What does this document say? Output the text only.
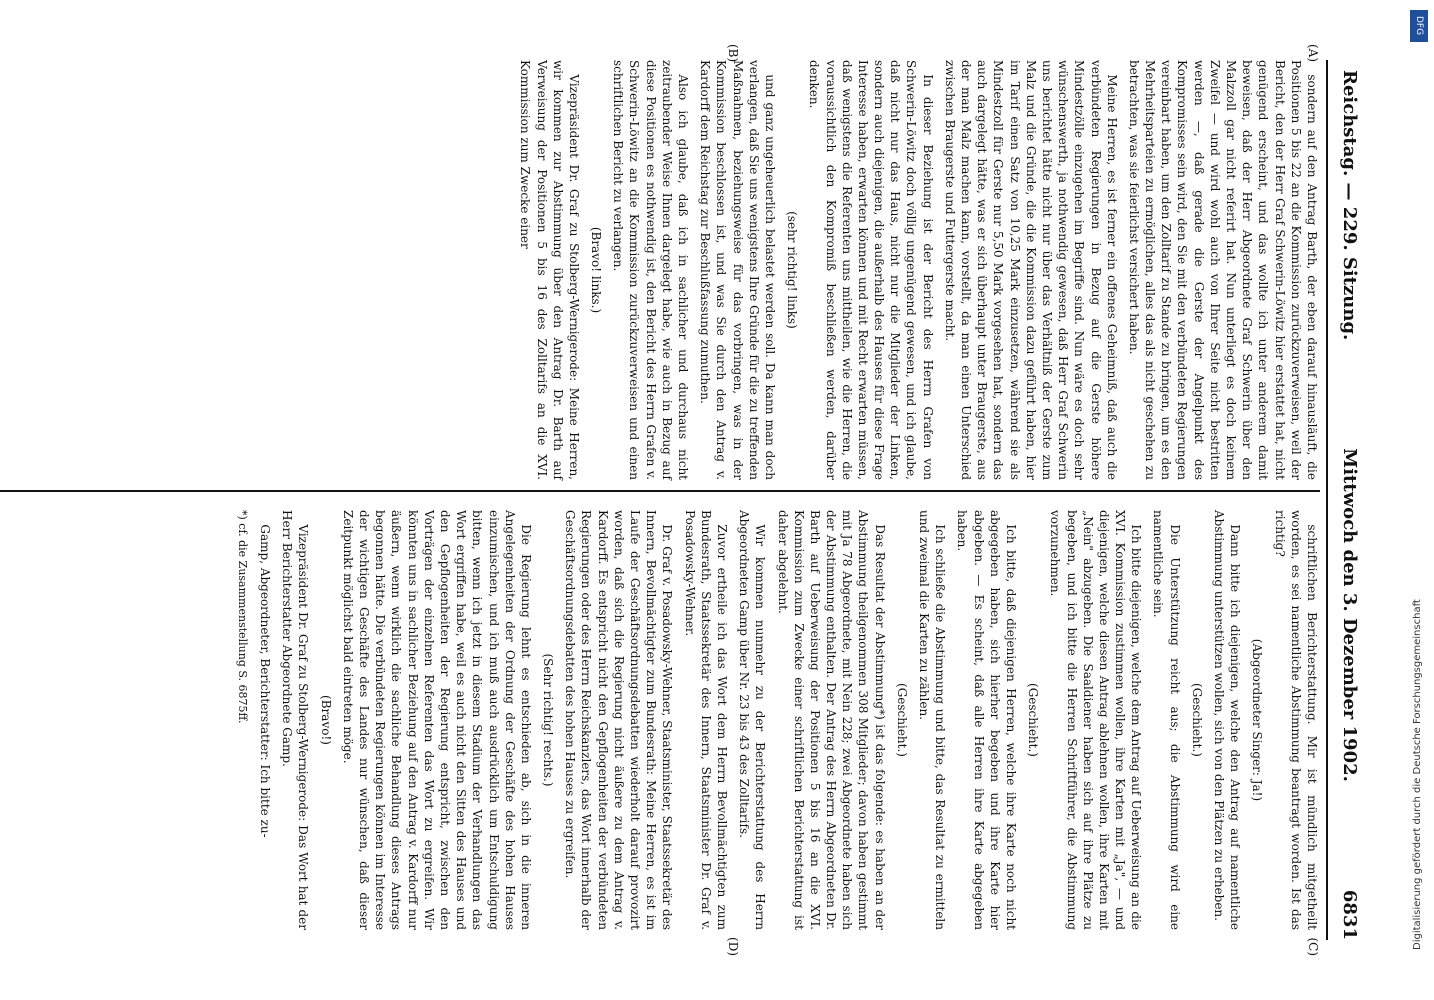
Reichstag. — 229. Sitzung.
Mittwoch den 3. Dezember 1902.
6831
(A)
(B)
(C)
(D)

sondern auf den Antrag Barth, der eben darauf hinausläuft, die Positionen 5 bis 22 an die Kommission zurückzuverweisen, weil der Bericht, den der Herr Graf Schwerin-Löwitz hier erstattet hat, nicht genügend erscheint, und das wollte ich unter anderem damit beweisen, daß der Herr Abgeordnete Graf Schwerin über den Malzzoll gar nicht referirt hat. Nun unterliegt es doch keinem Zweifel — und wird wohl auch von Ihrer Seite nicht bestritten werden —, daß gerade die Gerste der Angelpunkt des Kompromisses sein wird, den Sie mit den verbündeten Regierungen vereinbart haben, um den Zolltarif zu Stande zu bringen, um es den Mehrheitsparteien zu ermöglichen, alles das als nicht geschehen zu betrachten, was sie feierlichst versichert haben.

Meine Herren, es ist ferner ein offenes Geheimniß, daß auch die verbündeten Regierungen in Bezug auf die Gerste höhere Mindestzölle einzugehen im Begriffe sind. Nun wäre es doch sehr wünschenswerth, ja nothwendig gewesen, daß Herr Graf Schwerin uns berichtet hätte nicht nur über das Verhältniß der Gerste zum Malz und die Gründe, die die Kommission dazu geführt haben, hier im Tarif einen Satz von 10,25 Mark einzusetzen, während sie als Mindestzoll für Gerste nur 5,50 Mark vorgesehen hat, sondern das auch dargelegt hätte, was er sich überhaupt unter Braugerste, aus der man Malz machen kann, vorstellt, da man einen Unterschied zwischen Braugerste und Futtergerste macht.

In dieser Beziehung ist der Bericht des Herrn Grafen von Schwerin-Löwitz doch völlig ungenügend gewesen, und ich glaube, daß nicht nur das Haus, nicht nur die Mitglieder der Linken, sondern auch diejenigen, die außerhalb des Hauses für diese Frage Interesse haben, erwarten können und mit Recht erwarten müssen, daß wenigstens die Referenten uns mittheilen, wie die Herren, die voraussichtlich den Kompromiß beschließen werden, darüber denken.

(sehr richtig! links)

und ganz ungeheuerlich belastet werden soll. Da kann man doch verlangen, daß Sie uns wenigstens Ihre Gründe für die zu treffenden Maßnahmen, beziehungsweise für das vorbringen, was in der Kommission beschlossen ist, und was Sie durch den Antrag v. Kardorff dem Reichstag zur Beschlußfassung zumuthen.

Also ich glaube, daß ich in sachlicher und durchaus nicht zeitraubender Weise Ihnen dargelegt habe, wie auch in Bezug auf diese Positionen es nothwendig ist, den Bericht des Herrn Grafen v. Schwerin-Löwitz an die Kommission zurückzuverweisen und einen schriftlichen Bericht zu verlangen.

(Bravo! links.)

Vizepräsident Dr. Graf zu Stolberg-Wernigerode: Meine Herren, wir kommen zur Abstimmung über den Antrag Dr. Barth auf Verweisung der Positionen 5 bis 16 des Zolltarifs an die XVI. Kommission zum Zwecke einer

schriftlichen Berichterstattung. Mir ist mündlich mitgetheilt worden, es sei namentliche Abstimmung beantragt worden. Ist das richtig?

(Abgeordneter Singer: Ja!)

Dann bitte ich diejenigen, welche den Antrag auf namentliche Abstimmung unterstützen wollen, sich von den Plätzen zu erheben.

(Geschieht.)

Die Unterstützung reicht aus; die Abstimmung wird eine namentliche sein.

Ich bitte diejenigen, welche dem Antrag auf Ueberweisung an die XVI. Kommission zustimmen wollen, ihre Karten mit „Ja", — und diejenigen, welche diesen Antrag ablehnen wollen, ihre Karten mit „Nein" abzugeben. Die Saaldiener haben sich auf ihre Plätze zu begeben, und ich bitte die Herren Schriftführer, die Abstimmung vorzunehmen.

(Geschieht.)

Ich bitte, daß diejenigen Herren, welche ihre Karte noch nicht abgegeben haben, sich hierher begeben und ihre Karte hier abgeben. — Es scheint, daß alle Herren ihre Karte abgegeben haben.

Ich schließe die Abstimmung und bitte, das Resultat zu ermitteln und zweimal die Karten zu zählen.

(Geschieht.)

Das Resultat der Abstimmung*) ist das folgende: es haben an der Abstimmung theilgenommen 308 Mitglieder; davon haben gestimmt mit Ja 78 Abgeordnete, mit Nein 228; zwei Abgeordnete haben sich der Abstimmung enthalten. Der Antrag des Herrn Abgeordneten Dr. Barth auf Ueberweisung der Positionen 5 bis 16 an die XVI. Kommission zum Zwecke einer schriftlichen Berichterstattung ist daher abgelehnt.

Wir kommen nunmehr zu der Berichterstattung des Herrn Abgeordneten Gamp über Nr. 23 bis 43 des Zolltarifs.

Zuvor ertheile ich das Wort dem Herrn Bevollmächtigten zum Bundesrath, Staatssekretär des Innern, Staatsminister Dr. Graf v. Posadowsky-Wehner.

Dr. Graf v. Posadowsky-Wehner, Staatsminister, Staatssekretär des Innern, Bevollmächtigter zum Bundesrath: Meine Herren, es ist im Laufe der Geschäftsordnungsdebatten wiederholt darauf provozirt worden, daß sich die Regierung nicht äußere zu dem Antrag v. Kardorff. Es entspricht nicht den Gepflogenheiten der verbündeten Regierungen oder des Herrn Reichskanzlers, das Wort innerhalb der Geschäftsordnungsdebatten des hohen Hauses zu ergreifen.

(Sehr richtig! rechts.)

Die Regierung lehnt es entschieden ab, sich in die inneren Angelegenheiten der Ordnung der Geschäfte des hohen Hauses einzumischen, und ich muß auch ausdrücklich um Entschuldigung bitten, wenn ich jetzt in diesem Stadium der Verhandlungen das Wort ergriffen habe, weil es auch nicht den Sitten des Hauses und den Gepflogenheiten der Regierung entspricht, zwischen den Vorträgen der einzelnen Referenten das Wort zu ergreifen. Wir könnten uns in sachlicher Beziehung auf den Antrag v. Kardorff nur äußern, wenn wirklich die sachliche Behandlung dieses Antrags begonnen hätte. Die verbündeten Regierungen können im Interesse der wichtigen Geschäfte des Landes nur wünschen, daß dieser Zeitpunkt möglichst bald eintreten möge.

(Bravo!)

Vizepräsident Dr. Graf zu Stolberg-Wernigerode: Das Wort hat der Herr Berichterstatter Abgeordnete Gamp.

Gamp, Abgeordneter, Berichterstatter: Ich bitte zu-

*) cf. die Zusammenstellung S. 6875ff.
DFG
Digitalisierung gefördert durch die Deutsche Forschungsgemeinschaft
